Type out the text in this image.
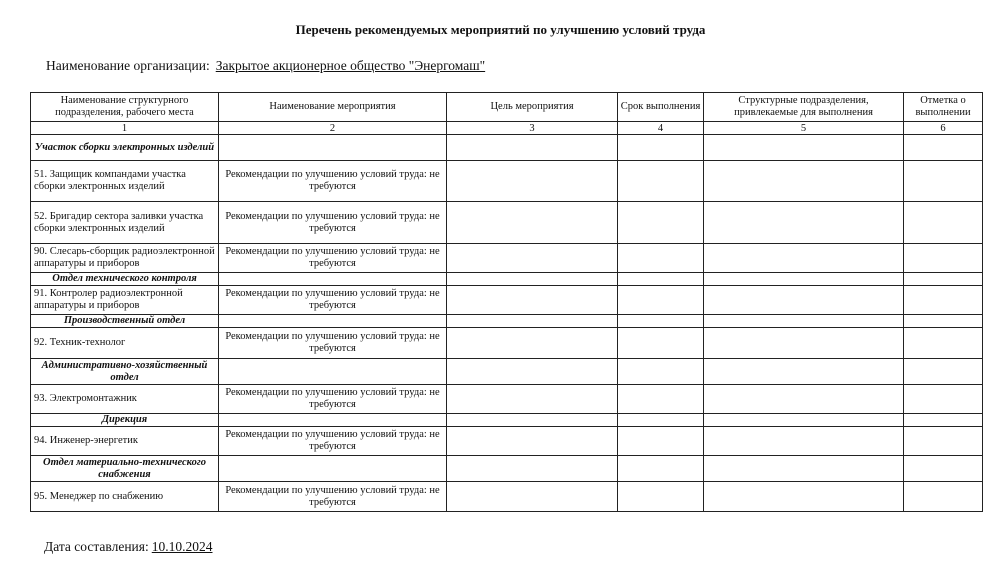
Перечень рекомендуемых мероприятий по улучшению условий труда
Наименование организации: Закрытое акционерное общество "Энергомаш"
Наименование структурного подразделения, рабочего места	Наименование мероприятия	Цель мероприятия	Срок выполнения	Структурные подразделения, привлекаемые для выполнения	Отметка о выполнении
1	2	3	4	5	6
Участок сборки электронных изделий					
51. Защищик компандами участка сборки электронных изделий	Рекомендации по улучшению условий труда: не требуются				
52. Бригадир сектора заливки участка сборки электронных изделий	Рекомендации по улучшению условий труда: не требуются				
90. Слесарь-сборщик радиоэлектронной аппаратуры и приборов	Рекомендации по улучшению условий труда: не требуются				
Отдел технического контроля					
91. Контролер радиоэлектронной аппаратуры и приборов	Рекомендации по улучшению условий труда: не требуются				
Производственный отдел					
92. Техник-технолог	Рекомендации по улучшению условий труда: не требуются				
Административно-хозяйственный отдел					
93. Электромонтажник	Рекомендации по улучшению условий труда: не требуются				
Дирекция					
94. Инженер-энергетик	Рекомендации по улучшению условий труда: не требуются				
Отдел материально-технического снабжения					
95. Менеджер по снабжению	Рекомендации по улучшению условий труда: не требуются				
Дата составления: 10.10.2024
